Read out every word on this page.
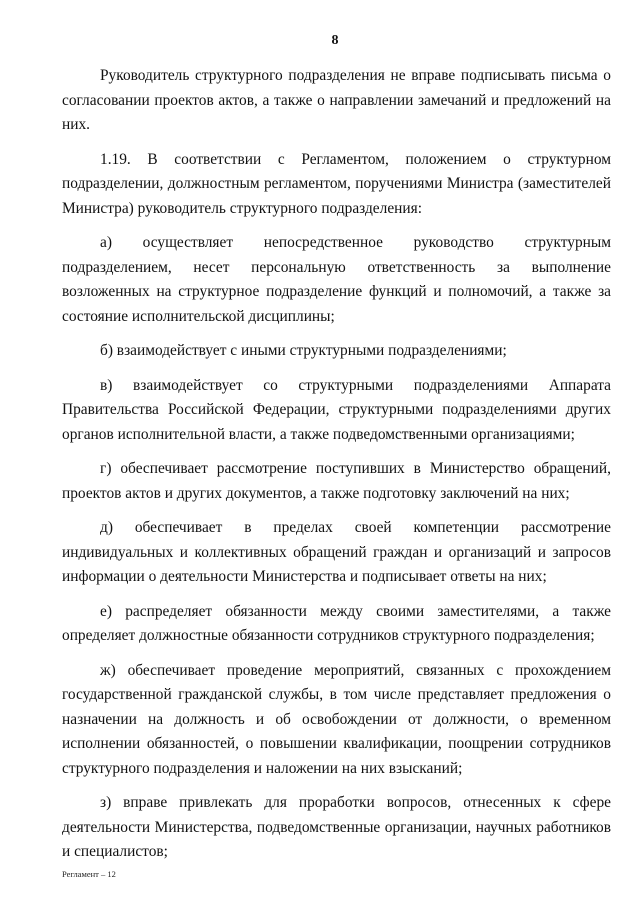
8

Руководитель структурного подразделения не вправе подписывать письма о согласовании проектов актов, а также о направлении замечаний и предложений на них.

1.19. В соответствии с Регламентом, положением о структурном подразделении, должностным регламентом, поручениями Министра (заместителей Министра) руководитель структурного подразделения:

а) осуществляет непосредственное руководство структурным подразделением, несет персональную ответственность за выполнение возложенных на структурное подразделение функций и полномочий, а также за состояние исполнительской дисциплины;

б) взаимодействует с иными структурными подразделениями;

в) взаимодействует со структурными подразделениями Аппарата Правительства Российской Федерации, структурными подразделениями других органов исполнительной власти, а также подведомственными организациями;

г) обеспечивает рассмотрение поступивших в Министерство обращений, проектов актов и других документов, а также подготовку заключений на них;

д) обеспечивает в пределах своей компетенции рассмотрение индивидуальных и коллективных обращений граждан и организаций и запросов информации о деятельности Министерства и подписывает ответы на них;

е) распределяет обязанности между своими заместителями, а также определяет должностные обязанности сотрудников структурного подразделения;

ж) обеспечивает проведение мероприятий, связанных с прохождением государственной гражданской службы, в том числе представляет предложения о назначении на должность и об освобождении от должности, о временном исполнении обязанностей, о повышении квалификации, поощрении сотрудников структурного подразделения и наложении на них взысканий;

з) вправе привлекать для проработки вопросов, отнесенных к сфере деятельности Министерства, подведомственные организации, научных работников и специалистов;

Регламент – 12
